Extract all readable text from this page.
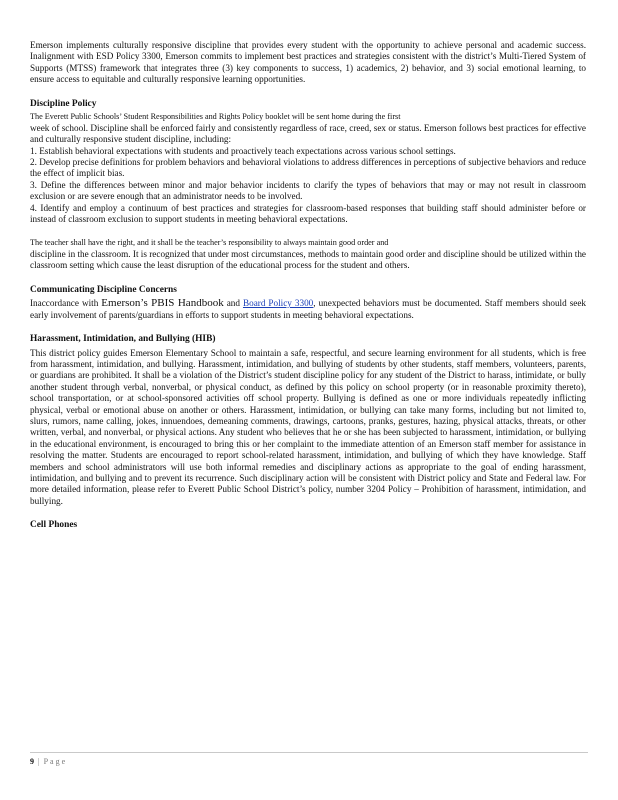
Emerson implements culturally responsive discipline that provides every student with the opportunity to achieve personal and academic success. Inalignment with ESD Policy 3300, Emerson commits to implement best practices and strategies consistent with the district’s Multi-Tiered System of Supports (MTSS) framework that integrates three (3) key components to success, 1) academics, 2) behavior, and 3) social emotional learning, to ensure access to equitable and culturally responsive learning opportunities.

Discipline Policy

The Everett Public Schools’ Student Responsibilities and Rights Policy booklet will be sent home during the first

week of school. Discipline shall be enforced fairly and consistently regardless of race, creed, sex or status. Emerson follows best practices for effective and culturally responsive student discipline, including:

1. Establish behavioral expectations with students and proactively teach expectations across various school settings.

2. Develop precise definitions for problem behaviors and behavioral violations to address differences in perceptions of subjective behaviors and reduce the effect of implicit bias.

3. Define the differences between minor and major behavior incidents to clarify the types of behaviors that may or may not result in classroom exclusion or are severe enough that an administrator needs to be involved.

4. Identify and employ a continuum of best practices and strategies for classroom-based responses that building staff should administer before or instead of classroom exclusion to support students in meeting behavioral expectations.

The teacher shall have the right, and it shall be the teacher’s responsibility to always maintain good order and

discipline in the classroom. It is recognized that under most circumstances, methods to maintain good order and discipline should be utilized within the classroom setting which cause the least disruption of the educational process for the student and others.

Communicating Discipline Concerns

Inaccordance with Emerson’s PBIS Handbook and Board Policy 3300, unexpected behaviors must be documented. Staff members should seek early involvement of parents/guardians in efforts to support students in meeting behavioral expectations.

Harassment, Intimidation, and Bullying (HIB)

This district policy guides Emerson Elementary School to maintain a safe, respectful, and secure learning environment for all students, which is free from harassment, intimidation, and bullying. Harassment, intimidation, and bullying of students by other students, staff members, volunteers, parents, or guardians are prohibited. It shall be a violation of the District’s student discipline policy for any student of the District to harass, intimidate, or bully another student through verbal, nonverbal, or physical conduct, as defined by this policy on school property (or in reasonable proximity thereto), school transportation, or at school-sponsored activities off school property. Bullying is defined as one or more individuals repeatedly inflicting physical, verbal or emotional abuse on another or others. Harassment, intimidation, or bullying can take many forms, including but not limited to, slurs, rumors, name calling, jokes, innuendoes, demeaning comments, drawings, cartoons, pranks, gestures, hazing, physical attacks, threats, or other written, verbal, and nonverbal, or physical actions. Any student who believes that he or she has been subjected to harassment, intimidation, or bullying in the educational environment, is encouraged to bring this or her complaint to the immediate attention of an Emerson staff member for assistance in resolving the matter. Students are encouraged to report school-related harassment, intimidation, and bullying of which they have knowledge. Staff members and school administrators will use both informal remedies and disciplinary actions as appropriate to the goal of ending harassment, intimidation, and bullying and to prevent its recurrence. Such disciplinary action will be consistent with District policy and State and Federal law. For more detailed information, please refer to Everett Public School District’s policy, number 3204 Policy – Prohibition of harassment, intimidation, and bullying.

Cell Phones
9 | Page
